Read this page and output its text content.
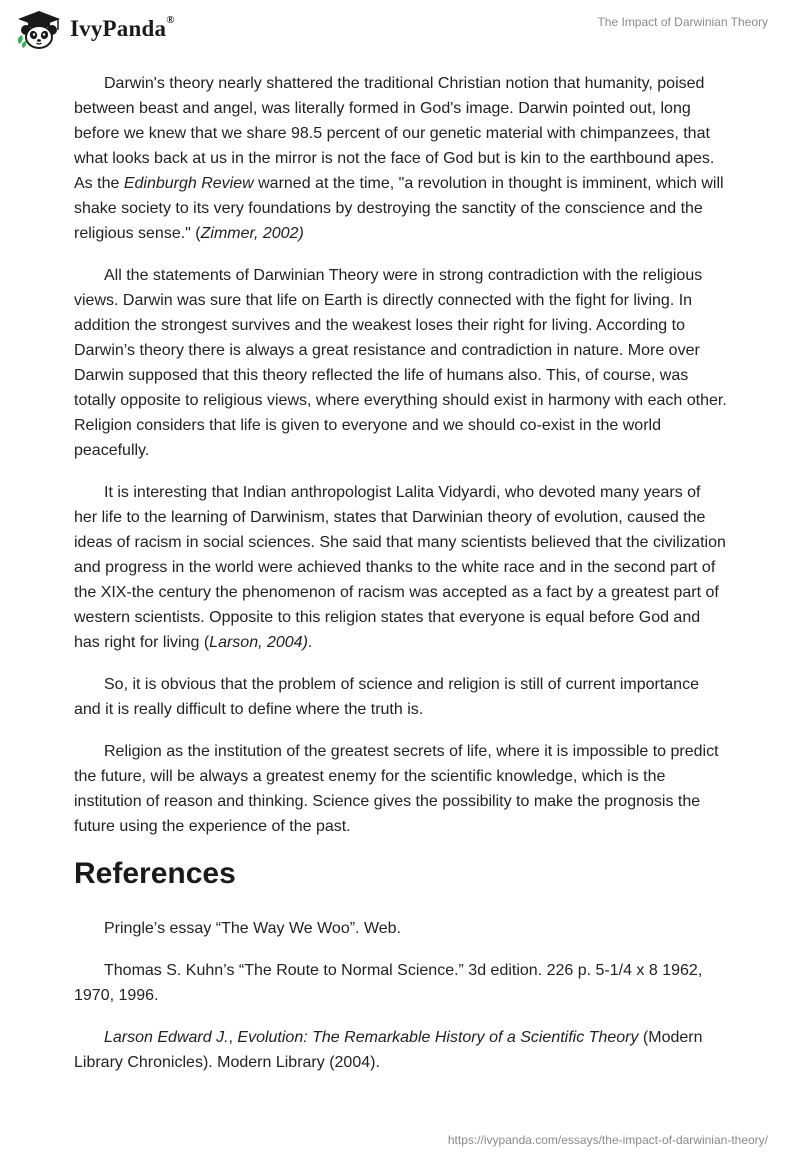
IvyPanda®	The Impact of Darwinian Theory

Darwin's theory nearly shattered the traditional Christian notion that humanity, poised between beast and angel, was literally formed in God's image. Darwin pointed out, long before we knew that we share 98.5 percent of our genetic material with chimpanzees, that what looks back at us in the mirror is not the face of God but is kin to the earthbound apes. As the Edinburgh Review warned at the time, "a revolution in thought is imminent, which will shake society to its very foundations by destroying the sanctity of the conscience and the religious sense." (Zimmer, 2002)

All the statements of Darwinian Theory were in strong contradiction with the religious views. Darwin was sure that life on Earth is directly connected with the fight for living. In addition the strongest survives and the weakest loses their right for living. According to Darwin’s theory there is always a great resistance and contradiction in nature. More over Darwin supposed that this theory reflected the life of humans also. This, of course, was totally opposite to religious views, where everything should exist in harmony with each other. Religion considers that life is given to everyone and we should co-exist in the world peacefully.

It is interesting that Indian anthropologist Lalita Vidyardi, who devoted many years of her life to the learning of Darwinism, states that Darwinian theory of evolution, caused the ideas of racism in social sciences. She said that many scientists believed that the civilization and progress in the world were achieved thanks to the white race and in the second part of the XIX-the century the phenomenon of racism was accepted as a fact by a greatest part of western scientists. Opposite to this religion states that everyone is equal before God and has right for living (Larson, 2004).

So, it is obvious that the problem of science and religion is still of current importance and it is really difficult to define where the truth is.

Religion as the institution of the greatest secrets of life, where it is impossible to predict the future, will be always a greatest enemy for the scientific knowledge, which is the institution of reason and thinking. Science gives the possibility to make the prognosis the future using the experience of the past.

References

Pringle’s essay “The Way We Woo”. Web.

Thomas S. Kuhn’s “The Route to Normal Science.” 3d edition. 226 p. 5-1/4 x 8 1962, 1970, 1996.

Larson Edward J., Evolution: The Remarkable History of a Scientific Theory (Modern Library Chronicles). Modern Library (2004).

https://ivypanda.com/essays/the-impact-of-darwinian-theory/
